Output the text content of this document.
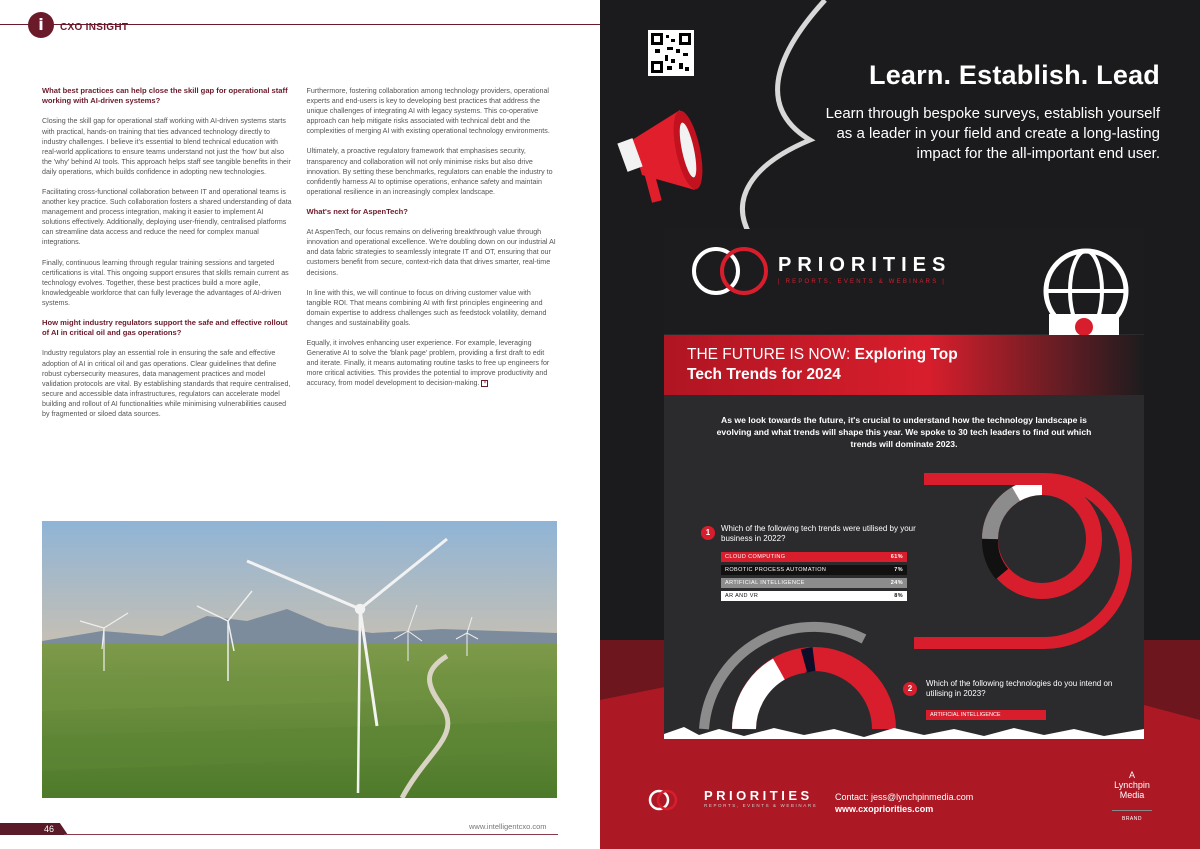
i	CXO INSIGHT
What best practices can help close the skill gap for operational staff working with AI-driven systems?

Closing the skill gap for operational staff working with AI-driven systems starts with practical, hands-on training that ties advanced technology directly to industry challenges. I believe it's essential to blend technical education with real-world applications to ensure teams understand not just the 'how' but also the 'why' behind AI tools. This approach helps staff see tangible benefits in their daily operations, which builds confidence in adopting new technologies.

Facilitating cross-functional collaboration between IT and operational teams is another key practice. Such collaboration fosters a shared understanding of data management and process integration, making it easier to implement AI solutions effectively. Additionally, deploying user-friendly, centralised platforms can streamline data access and reduce the need for complex manual integrations.

Finally, continuous learning through regular training sessions and targeted certifications is vital. This ongoing support ensures that skills remain current as technology evolves. Together, these best practices build a more agile, knowledgeable workforce that can fully leverage the advantages of AI-driven systems.

How might industry regulators support the safe and effective rollout of AI in critical oil and gas operations?

Industry regulators play an essential role in ensuring the safe and effective adoption of AI in critical oil and gas operations. Clear guidelines that define robust cybersecurity measures, data management practices and model validation protocols are vital. By establishing standards that require centralised, secure and accessible data infrastructures, regulators can accelerate model building and rollout of AI functionalities while minimising vulnerabilities caused by fragmented or siloed data sources.

Furthermore, fostering collaboration among technology providers, operational experts and end-users is key to developing best practices that address the unique challenges of integrating AI with legacy systems. This co-operative approach can help mitigate risks associated with technical debt and the complexities of merging AI with existing operational technology environments.

Ultimately, a proactive regulatory framework that emphasises security, transparency and collaboration will not only minimise risks but also drive innovation. By setting these benchmarks, regulators can enable the industry to confidently harness AI to optimise operations, enhance safety and maintain operational resilience in an increasingly complex landscape.

What's next for AspenTech?

At AspenTech, our focus remains on delivering breakthrough value through innovation and operational excellence. We're doubling down on our industrial AI and data fabric strategies to seamlessly integrate IT and OT, ensuring that our customers benefit from secure, context-rich data that drives smarter, real-time decisions.

In line with this, we will continue to focus on driving customer value with tangible ROI. That means combining AI with first principles engineering and domain expertise to address challenges such as feedstock volatility, demand changes and sustainability goals.

Equally, it involves enhancing user experience. For example, leveraging Generative AI to solve the 'blank page' problem, providing a first draft to edit and iterate. Finally, it means automating routine tasks to free up engineers for more critical activities. This provides the potential to improve productivity and accuracy, from model development to decision-making. ×

46	www.intelligentcxo.com
Learn. Establish. Lead
Learn through bespoke surveys, establish yourself as a leader in your field and create a long-lasting impact for the all-important end user.
PRIORITIES
| REPORTS, EVENTS & WEBINARS |
THE FUTURE IS NOW: Exploring Top
Tech Trends for 2024
As we look towards the future, it's crucial to understand how the technology landscape is evolving and what trends will shape this year. We spoke to 30 tech leaders to find out which trends will dominate 2023.
1	Which of the following tech trends were utilised by your business in 2022?
CLOUD COMPUTING	61%
ROBOTIC PROCESS AUTOMATION	7%
ARTIFICIAL INTELLIGENCE	24%
AR AND VR	8%
2
Which of the following technologies do you intend on utilising in 2023?
ARTIFICIAL INTELLIGENCE
PRIORITIES
REPORTS, EVENTS & WEBINARS
Contact: jess@lynchpinmedia.com
www.cxopriorities.com
A
Lynchpin
Media
BRAND
